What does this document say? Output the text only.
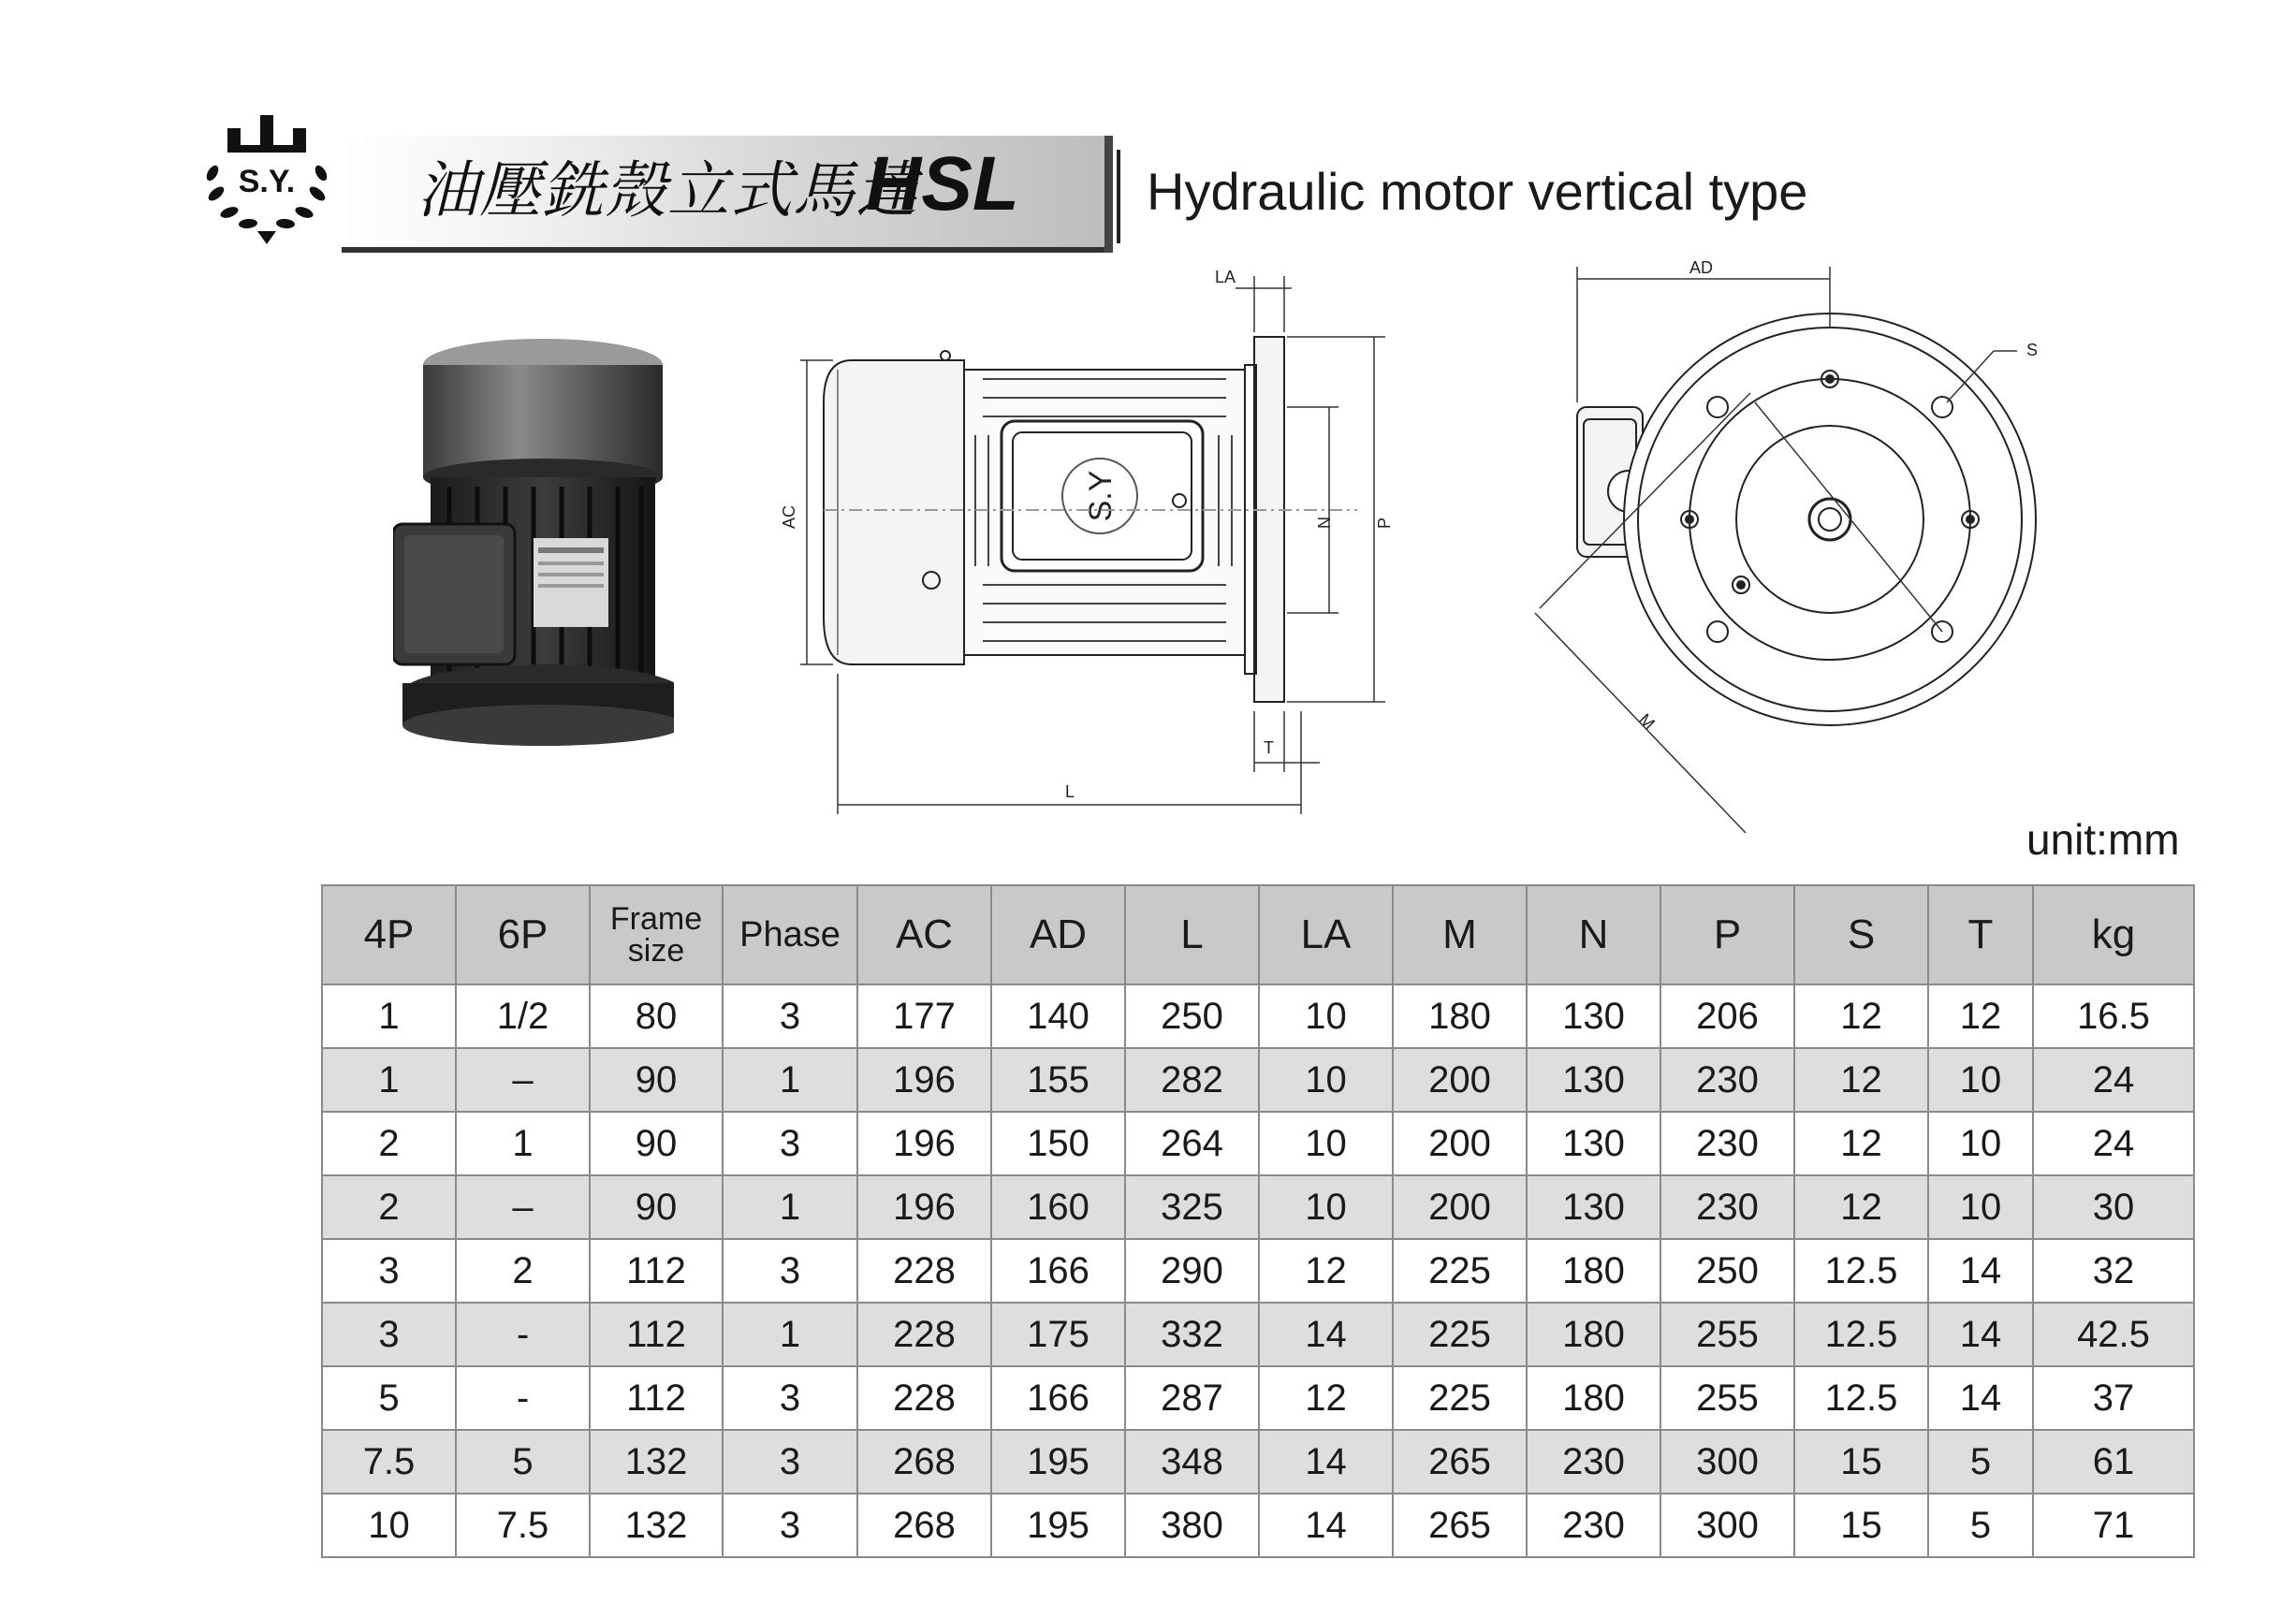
S.Y. 油壓銑殼立式馬達
HSL Hydraulic motor vertical type
S.Y
LA
AC	N P
T
L
AD
S
M
unit:mm
4P	6P	Frame size	Phase	AC	AD	L	LA	M	N	P	S	T	kg
1	1/2	80	3	177	140	250	10	180	130	206	12	12	16.5
1	–	90	1	196	155	282	10	200	130	230	12	10	24
2	1	90	3	196	150	264	10	200	130	230	12	10	24
2	–	90	1	196	160	325	10	200	130	230	12	10	30
3	2	112	3	228	166	290	12	225	180	250	12.5	14	32
3	-	112	1	228	175	332	14	225	180	255	12.5	14	42.5
5	-	112	3	228	166	287	12	225	180	255	12.5	14	37
7.5	5	132	3	268	195	348	14	265	230	300	15	5	61
10	7.5	132	3	268	195	380	14	265	230	300	15	5	71
